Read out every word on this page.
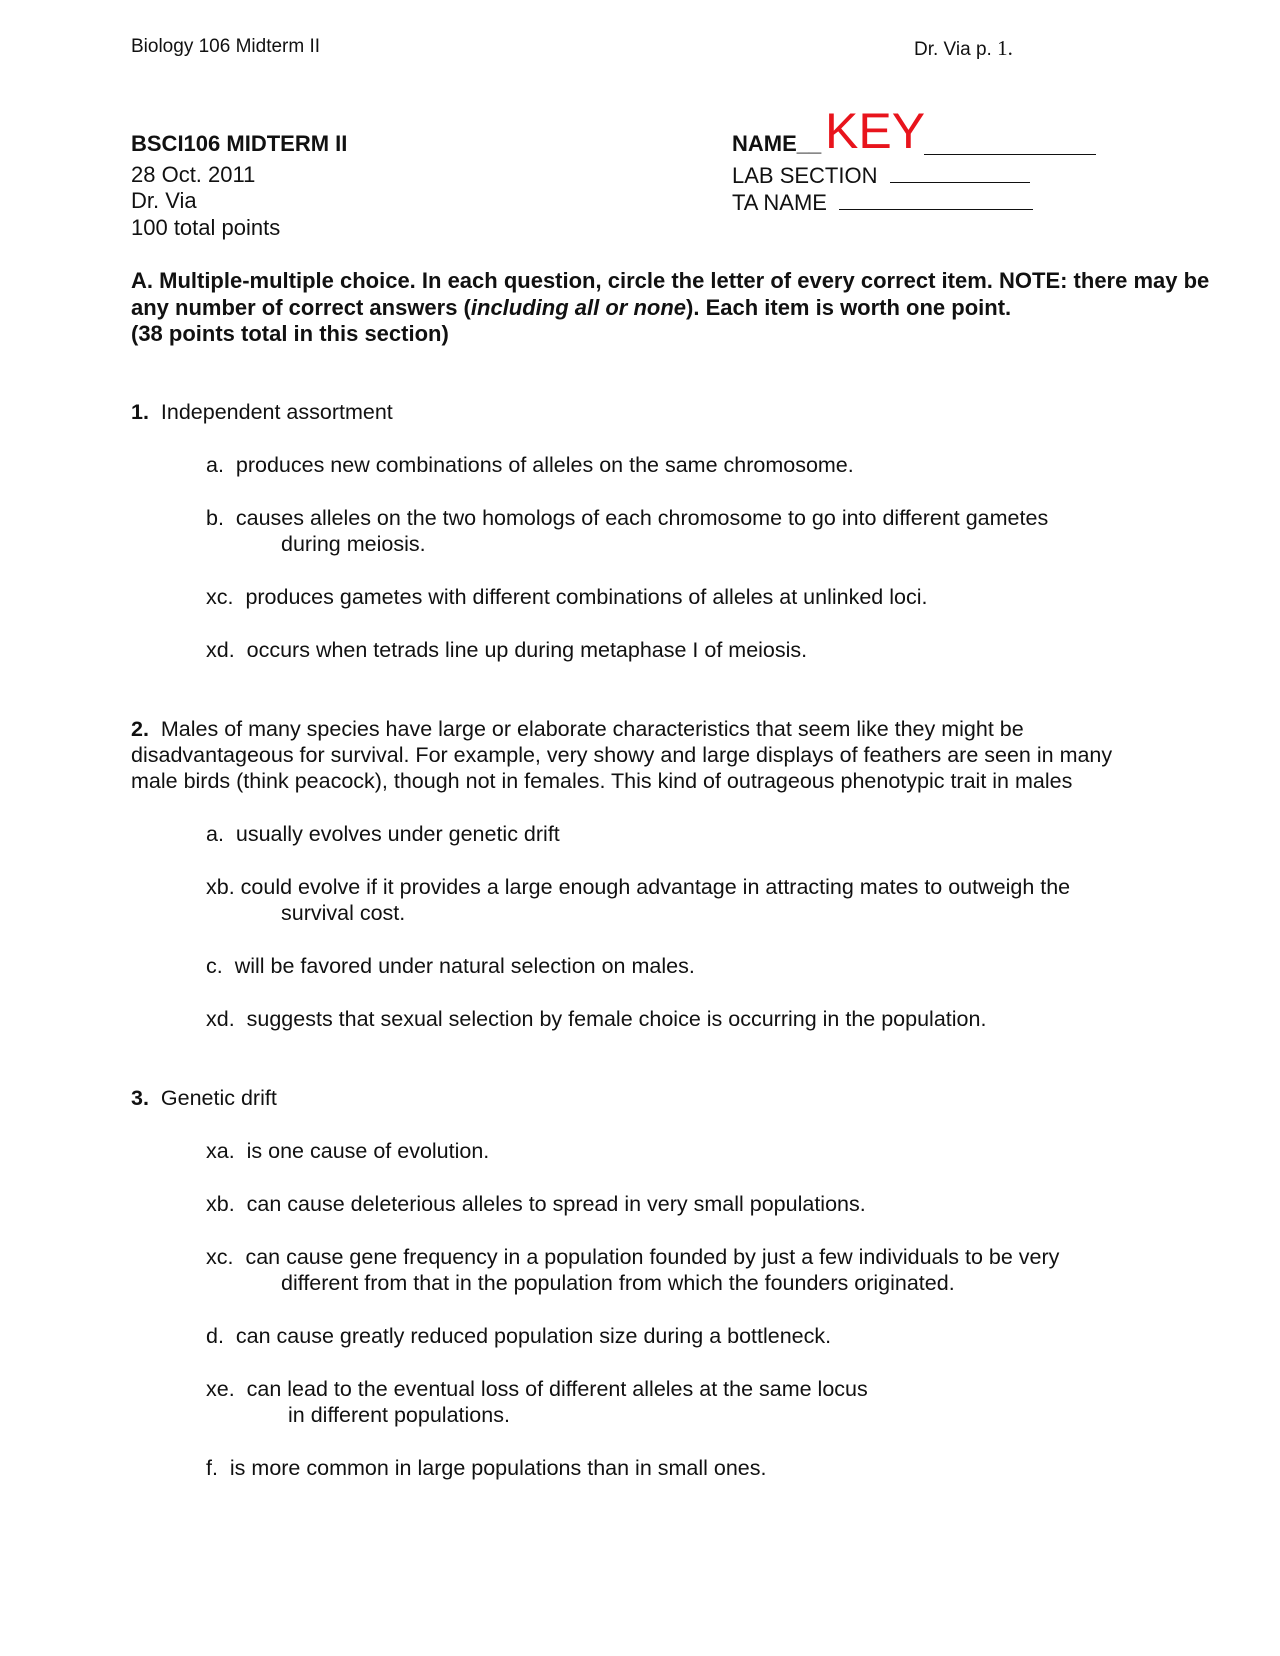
Biology 106 Midterm II	Dr. Via p. 1.
BSCI106 MIDTERM II
28 Oct. 2011
Dr. Via
100 total points
NAME__ KEY
LAB SECTION
TA NAME
A. Multiple-multiple choice. In each question, circle the letter of every correct item. NOTE: there may be any number of correct answers (including all or none). Each item is worth one point.
(38 points total in this section)
1. Independent assortment
a. produces new combinations of alleles on the same chromosome.
b. causes alleles on the two homologs of each chromosome to go into different gametes
during meiosis.
xc. produces gametes with different combinations of alleles at unlinked loci.
xd. occurs when tetrads line up during metaphase I of meiosis.
2. Males of many species have large or elaborate characteristics that seem like they might be
disadvantageous for survival. For example, very showy and large displays of feathers are seen in many
male birds (think peacock), though not in females. This kind of outrageous phenotypic trait in males
a. usually evolves under genetic drift
xb. could evolve if it provides a large enough advantage in attracting mates to outweigh the
survival cost.
c. will be favored under natural selection on males.
xd. suggests that sexual selection by female choice is occurring in the population.
3. Genetic drift
xa. is one cause of evolution.
xb. can cause deleterious alleles to spread in very small populations.
xc. can cause gene frequency in a population founded by just a few individuals to be very
different from that in the population from which the founders originated.
d. can cause greatly reduced population size during a bottleneck.
xe. can lead to the eventual loss of different alleles at the same locus
in different populations.
f. is more common in large populations than in small ones.
